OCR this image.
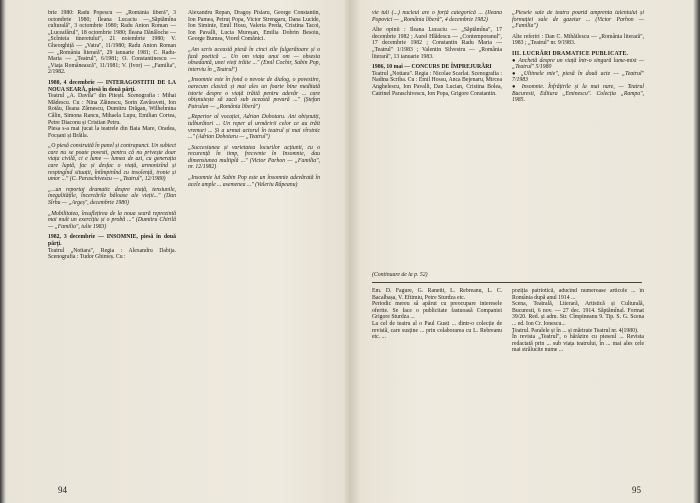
brie 1980: Radu Popescu — „România liberă", 3 octombrie 1980; Ileana Lucaciu —„Săptămîna culturală", 3 octombrie 1980; Radu Anton Roman — „Luceafărul", 18 octombrie 1980; Ileana Dănăloche — „Scînteia tineretului", 21 noiembrie 1980; V. Gheorghiță — „Vatra", 11/1980; Radu Anton Roman — „România literară", 29 ianuarie 1981; C. Radu-Maria — „Teatrul", 6/1981; O. Constantinescu — „Viața Românească", 11/1981; V. (Ivor) — „Familia", 2/1982.

1980, 4 decembrie — INTERAGOSTITII DE LA NOUA SEARĂ, piesă în două părţi.

Teatrul „A. Davila" din Pitești. Scenografia : Mihai Mădescu. Cu : Nina Zăinescu, Sorin Zavăraveti, Ion Rotău, Ileana Zărnescu, Dumitru Drăgan, Wilhelmina Călin, Simona Rancu, Mihaela Lupu, Emilian Cortea, Petre Diaconu și Cristian Petru.

Piesa s-a mai jucat la teatrele din Baia Mare, Oradea, Focșani și Brăila.

„O piesă construită în panel și contrapunct. Un subiect care nu se poate povesti, pentru că nu privește doar viața civilă, ci e lume — lumea de azi, cu generația care luptă, fac și desfac o viață, armonizînd și respingînd situații, întîmpinînd cu insolență, ironie și umor ..." (C. Paraschivescu — „Teatrul", 12/1980)

„...un reportaj dramatic despre viață, tensiunile, inegalitățile, încercările băloase ale vieții..." (Dan Sîrbu — „Argeș", decembrie 1980)

„Mobilitatea, însuflețirea de la noua seară reprezintă mai mult un exercițiu și o probă ..." (Dumitru Chirilă — „Familia", iulie 1983)

1982, 3 decembrie — INSOMNIE, piesă în două părţi.

Teatrul „Nottara", Regia : Alexandru Dabija. Scenografia : Tudor Ghimeș. Cu :

Alexandru Repan, Dragoș Pîslaru, George Constantin, Ion Pamea, Petruț Popa, Victor Strengaru, Dana Lucide, Ion Siminie, Emil Hosu, Valeria Preda, Cristina Tacoi, Ion Pavalli, Lucia Mureșan, Emilia Dobrin Besoiu, George Bumea, Viorel Comănici.

„Am scris această piesă în cinci zile fulgerătoare și o fază poetică ... Un om viața unui om — obsesia obsedantă, unei vieți trăite ..." (Emil Cochir, Sabin Pop, interviu în „Teatrul")

„Insomnie este în fond o nevoie de dialog, o povestire, oarecum clasică și mai ales un foarte bine meditată istorie despre o viață trăită pentru adevăr ... care obișnuiește să zacă sub această povară ..." (Ștefan Patrulan — „România liberă")

„Repertor al vocației, Adrian Dohotaru. Ani obișnuiți, tulburători ... Un reper al urmăririi celor ce au trăit vremuri ... Și a urmat actorul în teatrul și mai vîrstnic ..." (Adrian Dohotaru — „Teatrul")

„Succesiunea și varietatea locurilor acțiunii, cu o recurență în timp, frecvente în Insomnie, dau dimensiunea multiplă ..." (Victor Parhon — „Familia", nr. 12/1982)

„Insomnie lui Sabin Pop este un însomnie adevărată în acele ample ... asemenea ..." (Valeriu Râpeanu)

94

vie tuli (...) nucleul are o forță categorică ... (Ileana Popovici — „România liberă", 4 decembrie 1982)

Alte opinii : Ileana Lucaciu — „Săptămîna", 17 decembrie 1982 ; Aurel Hlădescu — „Contemporanul", 17 decembrie 1982 ; Constantin Radu Maria — „Teatrul" 1/1983 ; Valentin Silvestru — „România literară", 13 ianuarie 1983.

1986, 10 mai — CONCURS DE ÎMPREJURĂRI

Teatrul „Nottara". Regia : Nicolae Scarlat. Scenografia : Nadina Scriba. Cu : Emil Hossu, Anca Bejenaru, Mircea Anghelescu, Ion Pavalli, Dan Lucian, Cristina Bolea, Catrinel Paraschivescu, Ion Popa, Grigore Constantin.

„Piesele sale de teatru poartă amprenta talentului și formației sale de gazetar ... (Victor Parhon — „Familia")

Alte referiri : Dan C. Mihăilescu — „România literară", 1983 ; „Teatrul" nr. 9/1983.

III. LUCRĂRI DRAMATICE PUBLICATE.

● Anchetă despre un viață într-o singură lume-mixt — „Teatrul" 5/1980

● „Ultimele mie", piesă în două acte — „Teatrul" 7/1983

● Insomnie. Înfrățirile și la mai nare, — Teatrul Bucuresti, Editura „Eminescu". Colecția „Rampa", 1985.

(Continuare de la p. 52)

Em. D. Fagure, G. Ranetti, L. Rebreanu, L. C. Bacalbașa, V. Eftimiu, Petre Sturdza etc.

Periodic mereu să apărut cu preocupare interesele oferite. Se face o publicitate fastuoasă Companiei Grigore Sturdza ...

La cel de teatru al o Paul Gusti ... dintr-o colecție de revistă, care susține ... prin colaborarea cu L. Rebreanu etc. ...

poziția patriotică, aducînd numeroase articole ... în România după anul 1914 ...

Scena, Teatrală, Literară, Artistică și Culturală, Bucuresti, 6 nov. — 27 dec. 1914. Săptămînal. Format 39/20. Red. și adm. Str. Cîmpineanu 9. Tip. S. G. Scena ... ed. Ion Cr. Ionescu...

Teatrul. Paralele și în ... și mărtrate Teatrul nr. 4(1980).

În revista „Teatrul", o hărăzire cu pieseul ... Revista redactată prin ... sub viața teatrului, în ... mai ales cele mai strălucite nume ...

95
